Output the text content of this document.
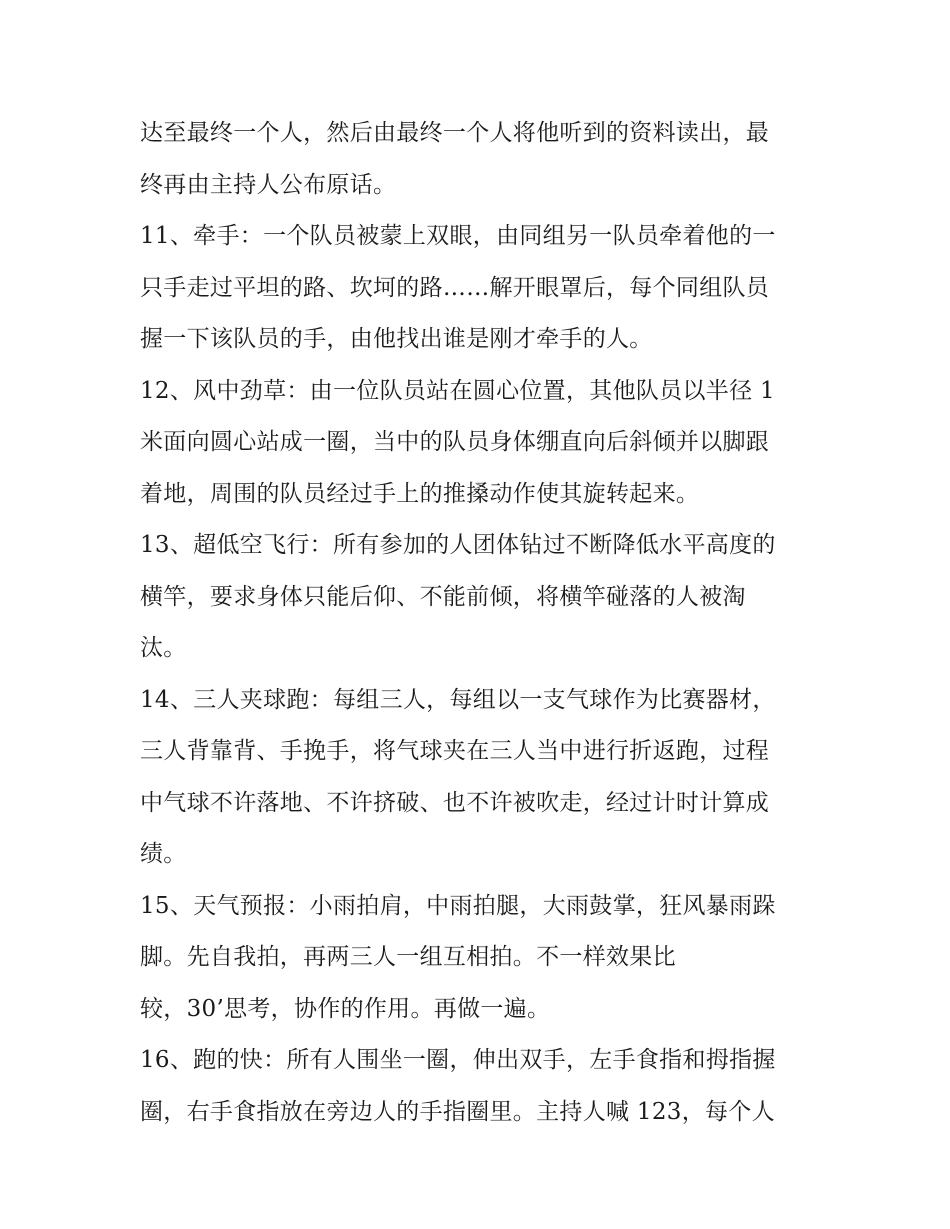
达至最终一个人，然后由最终一个人将他听到的资料读出，最
终再由主持人公布原话。
11、牵手：一个队员被蒙上双眼，由同组另一队员牵着他的一
只手走过平坦的路、坎坷的路……解开眼罩后，每个同组队员
握一下该队员的手，由他找出谁是刚才牵手的人。
12、风中劲草：由一位队员站在圆心位置，其他队员以半径 1
米面向圆心站成一圈，当中的队员身体绷直向后斜倾并以脚跟
着地，周围的队员经过手上的推搡动作使其旋转起来。
13、超低空飞行：所有参加的人团体钻过不断降低水平高度的
横竿，要求身体只能后仰、不能前倾，将横竿碰落的人被淘
汰。
14、三人夹球跑：每组三人，每组以一支气球作为比赛器材，
三人背靠背、手挽手，将气球夹在三人当中进行折返跑，过程
中气球不许落地、不许挤破、也不许被吹走，经过计时计算成
绩。
15、天气预报：小雨拍肩，中雨拍腿，大雨鼓掌，狂风暴雨跺
脚。先自我拍，再两三人一组互相拍。不一样效果比
较，30’思考，协作的作用。再做一遍。
16、跑的快：所有人围坐一圈，伸出双手，左手食指和拇指握
圈，右手食指放在旁边人的手指圈里。主持人喊 123，每个人
